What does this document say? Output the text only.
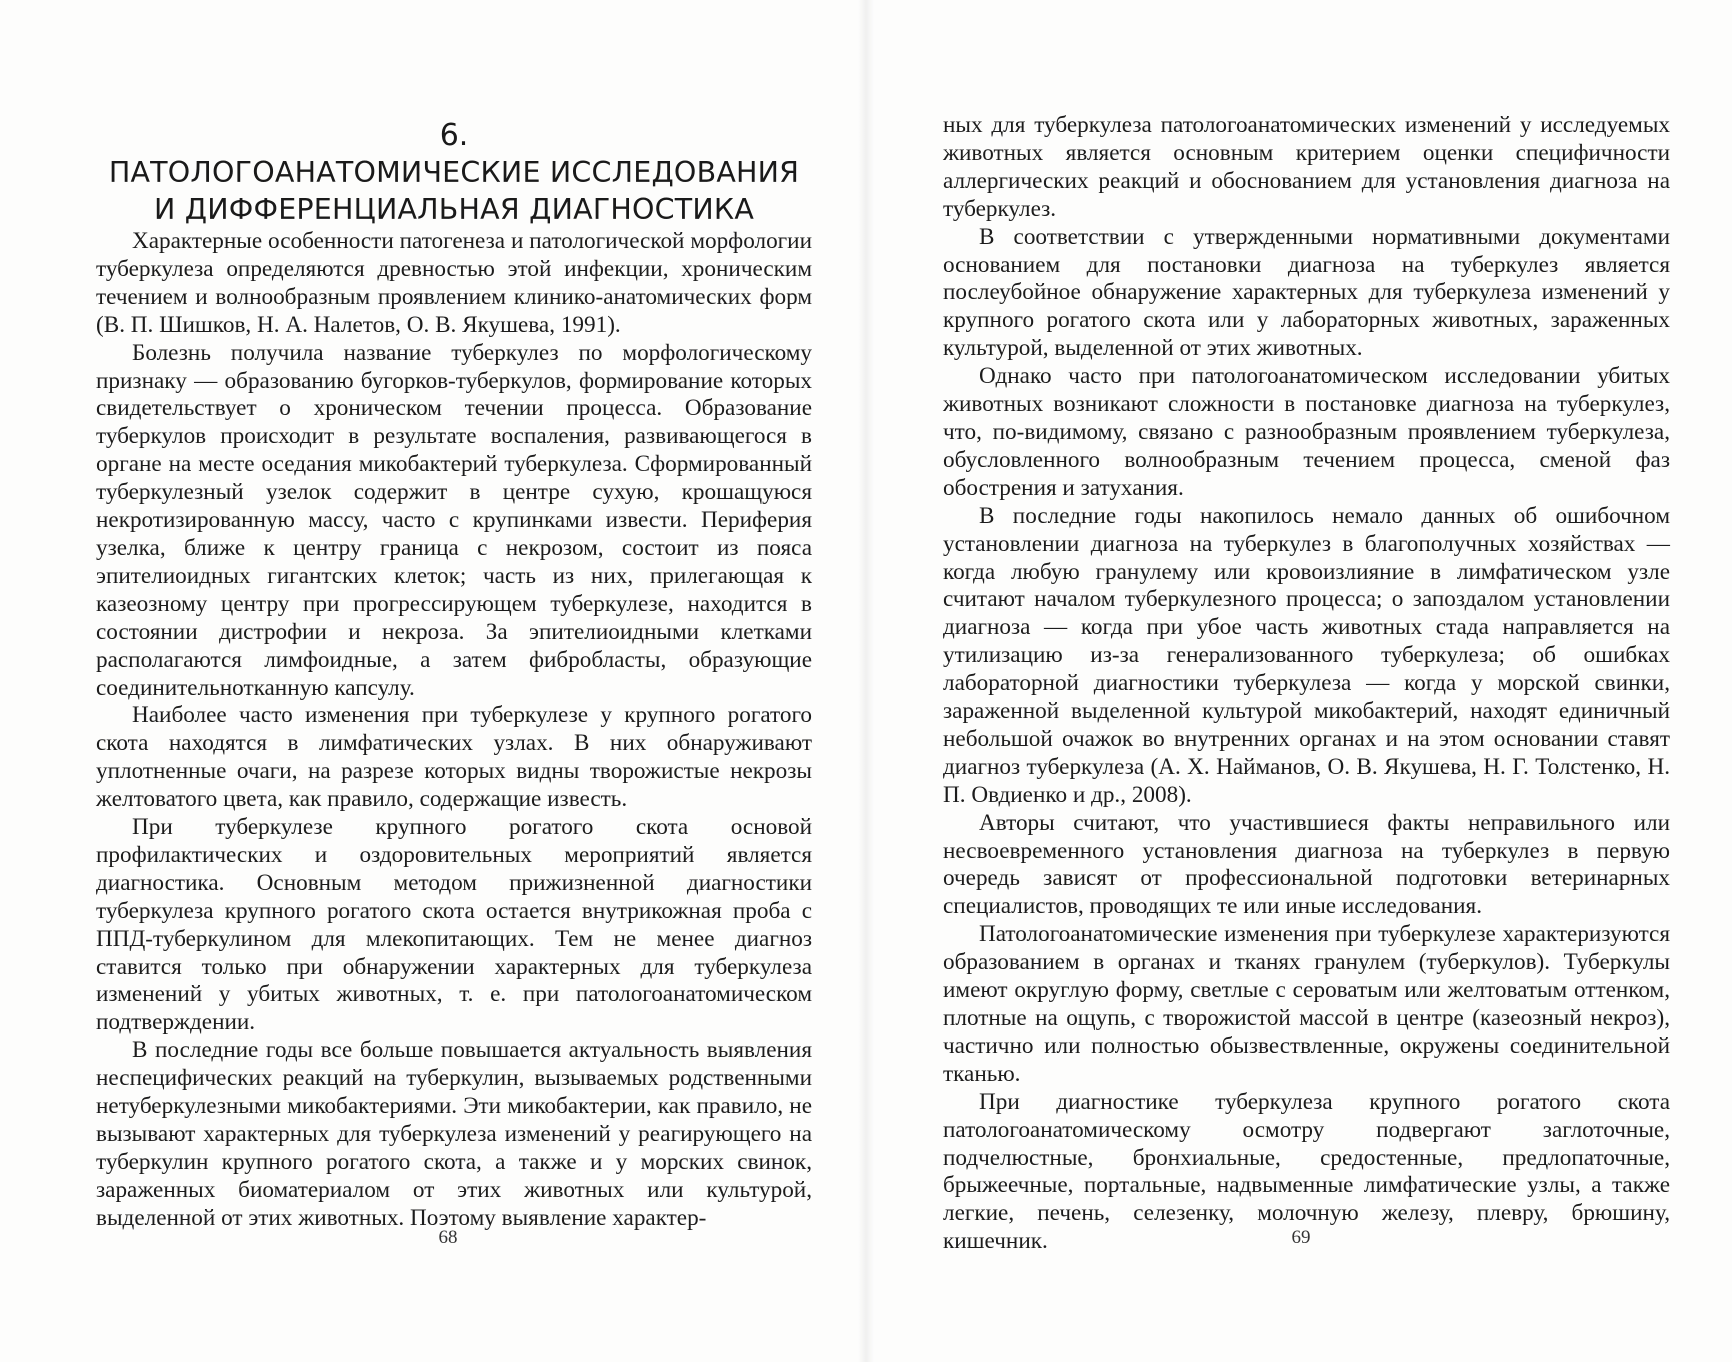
6.
ПАТОЛОГОАНАТОМИЧЕСКИЕ ИССЛЕДОВАНИЯ
И ДИФФЕРЕНЦИАЛЬНАЯ ДИАГНОСТИКА

Характерные особенности патогенеза и патологической морфологии туберкулеза определяются древностью этой инфекции, хроническим течением и волнообразным проявлением клинико-анатомических форм (В. П. Шишков, Н. А. Налетов, О. В. Якушева, 1991).

Болезнь получила название туберкулез по морфологическому признаку — образованию бугорков-туберкулов, формирование которых свидетельствует о хроническом течении процесса. Образование туберкулов происходит в результате воспаления, развивающегося в органе на месте оседания микобактерий туберкулеза. Сформированный туберкулезный узелок содержит в центре сухую, крошащуюся некротизированную массу, часто с крупинками извести. Периферия узелка, ближе к центру граница с некрозом, состоит из пояса эпителиоидных гигантских клеток; часть из них, прилегающая к казеозному центру при прогрессирующем туберкулезе, находится в состоянии дистрофии и некроза. За эпителиоидными клетками располагаются лимфоидные, а затем фибробласты, образующие соединительнотканную капсулу.

Наиболее часто изменения при туберкулезе у крупного рогатого скота находятся в лимфатических узлах. В них обнаруживают уплотненные очаги, на разрезе которых видны творожистые некрозы желтоватого цвета, как правило, содержащие известь.

При туберкулезе крупного рогатого скота основой профилактических и оздоровительных мероприятий является диагностика. Основным методом прижизненной диагностики туберкулеза крупного рогатого скота остается внутрикожная проба с ППД-туберкулином для млекопитающих. Тем не менее диагноз ставится только при обнаружении характерных для туберкулеза изменений у убитых животных, т. е. при патологоанатомическом подтверждении.

В последние годы все больше повышается актуальность выявления неспецифических реакций на туберкулин, вызываемых родственными нетуберкулезными микобактериями. Эти микобактерии, как правило, не вызывают характерных для туберкулеза изменений у реагирующего на туберкулин крупного рогатого скота, а также и у морских свинок, зараженных биоматериалом от этих животных или культурой, выделенной от этих животных. Поэтому выявление характер-

68

ных для туберкулеза патологоанатомических изменений у исследуемых животных является основным критерием оценки специфичности аллергических реакций и обоснованием для установления диагноза на туберкулез.

В соответствии с утвержденными нормативными документами основанием для постановки диагноза на туберкулез является послеубойное обнаружение характерных для туберкулеза изменений у крупного рогатого скота или у лабораторных животных, зараженных культурой, выделенной от этих животных.

Однако часто при патологоанатомическом исследовании убитых животных возникают сложности в постановке диагноза на туберкулез, что, по-видимому, связано с разнообразным проявлением туберкулеза, обусловленного волнообразным течением процесса, сменой фаз обострения и затухания.

В последние годы накопилось немало данных об ошибочном установлении диагноза на туберкулез в благополучных хозяйствах — когда любую гранулему или кровоизлияние в лимфатическом узле считают началом туберкулезного процесса; о запоздалом установлении диагноза — когда при убое часть животных стада направляется на утилизацию из-за генерализованного туберкулеза; об ошибках лабораторной диагностики туберкулеза — когда у морской свинки, зараженной выделенной культурой микобактерий, находят единичный небольшой очажок во внутренних органах и на этом основании ставят диагноз туберкулеза (А. Х. Найманов, О. В. Якушева, Н. Г. Толстенко, Н. П. Овдиенко и др., 2008).

Авторы считают, что участившиеся факты неправильного или несвоевременного установления диагноза на туберкулез в первую очередь зависят от профессиональной подготовки ветеринарных специалистов, проводящих те или иные исследования.

Патологоанатомические изменения при туберкулезе характеризуются образованием в органах и тканях гранулем (туберкулов). Туберкулы имеют округлую форму, светлые с сероватым или желтоватым оттенком, плотные на ощупь, с творожистой массой в центре (казеозный некроз), частично или полностью обызвествленные, окружены соединительной тканью.

При диагностике туберкулеза крупного рогатого скота патологоанатомическому осмотру подвергают заглоточные, подчелюстные, бронхиальные, средостенные, предлопаточные, брыжеечные, портальные, надвыменные лимфатические узлы, а также легкие, печень, селезенку, молочную железу, плевру, брюшину, кишечник.	69
